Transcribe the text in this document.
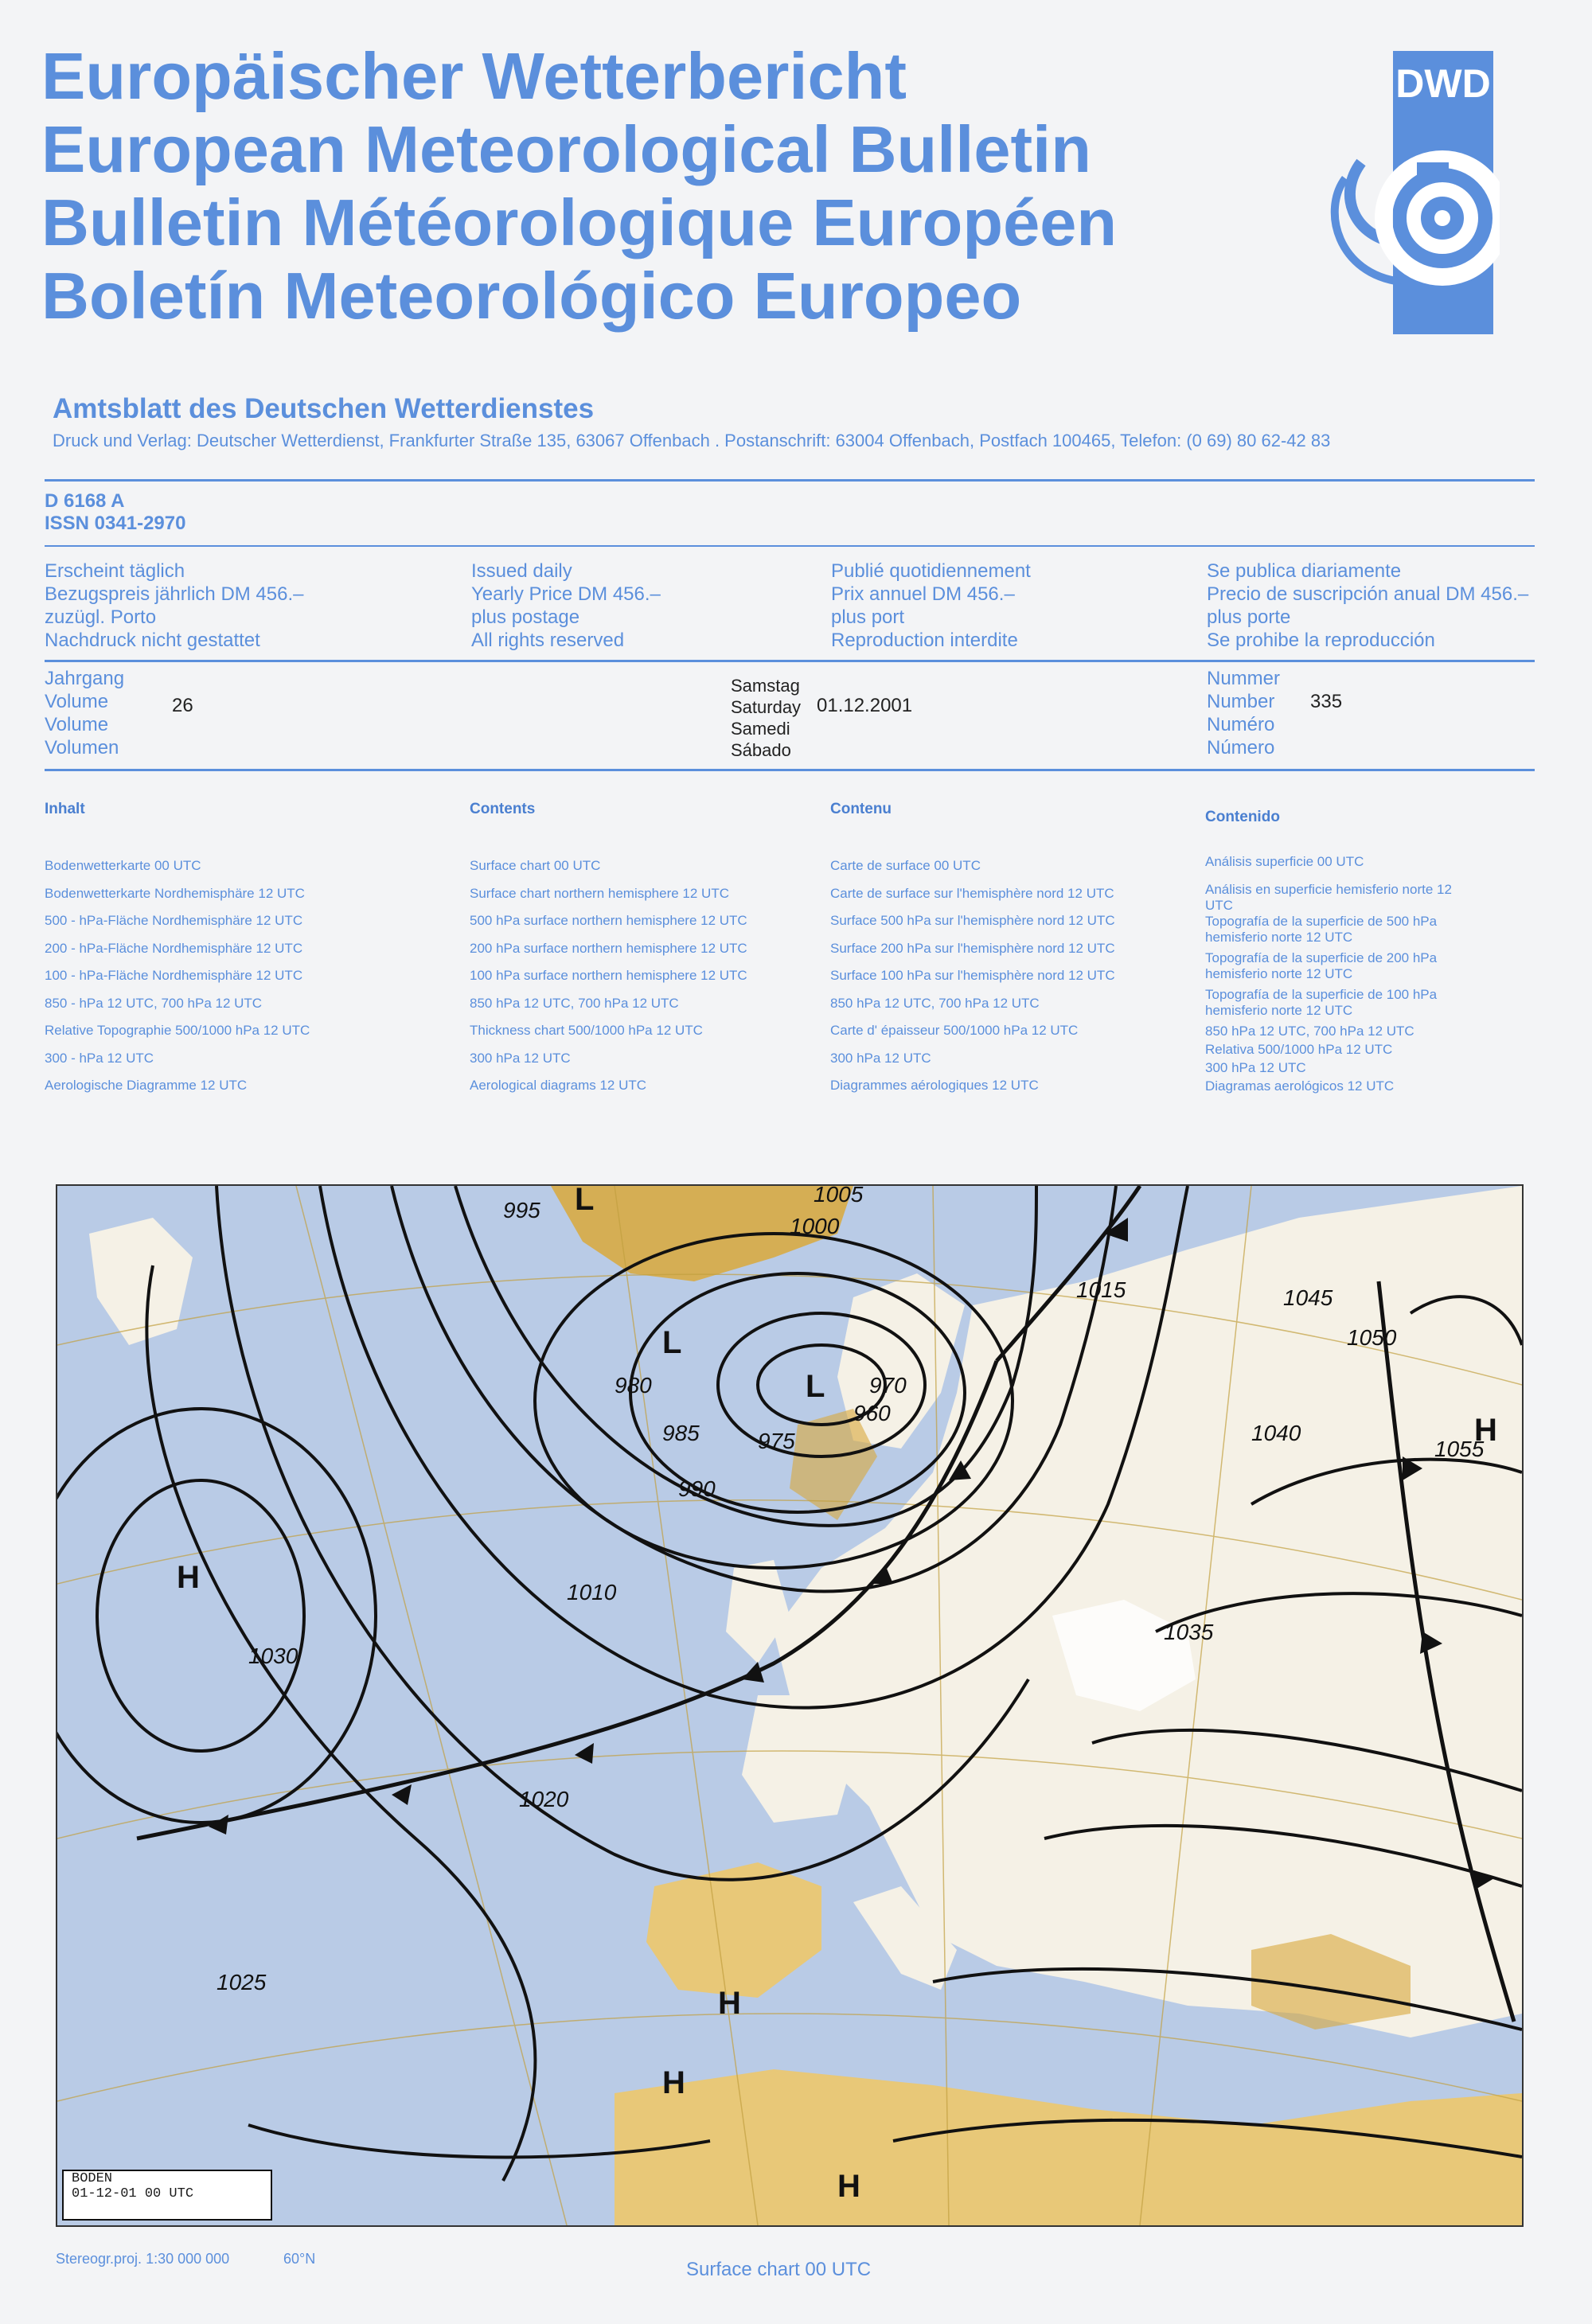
Europäischer Wetterbericht
European Meteorological Bulletin
Bulletin Météorologique Européen
Boletín Meteorológico Europeo
DWD
Amtsblatt des Deutschen Wetterdienstes
Druck und Verlag: Deutscher Wetterdienst, Frankfurter Straße 135, 63067 Offenbach . Postanschrift: 63004 Offenbach, Postfach 100465, Telefon: (0 69) 80 62-42 83
D 6168 A
ISSN 0341-2970
Erscheint täglich
Bezugspreis jährlich DM 456.–
zuzügl. Porto
Nachdruck nicht gestattet
Issued daily
Yearly Price DM 456.–
plus postage
All rights reserved
Publié quotidiennement
Prix annuel DM 456.–
plus port
Reproduction interdite
Se publica diariamente
Precio de suscripción anual DM 456.–
plus porte
Se prohibe la reproducción
Jahrgang
Volume
Volume
Volumen
26
Samstag
Saturday
Samedi
Sábado
01.12.2001
Nummer
Number
Numéro
Número
335
Inhalt
Bodenwetterkarte 00 UTC
Bodenwetterkarte Nordhemisphäre 12 UTC
500 - hPa-Fläche Nordhemisphäre 12 UTC
200 - hPa-Fläche Nordhemisphäre 12 UTC
100 - hPa-Fläche Nordhemisphäre 12 UTC
850 - hPa 12 UTC, 700 hPa 12 UTC
Relative Topographie 500/1000 hPa 12 UTC
300 - hPa 12 UTC
Aerologische Diagramme 12 UTC
Contents
Surface chart 00 UTC
Surface chart northern hemisphere 12 UTC
500 hPa surface northern hemisphere 12 UTC
200 hPa surface northern hemisphere 12 UTC
100 hPa surface northern hemisphere 12 UTC
850 hPa 12 UTC, 700 hPa 12 UTC
Thickness chart 500/1000 hPa 12 UTC
300 hPa 12 UTC
Aerological diagrams 12 UTC
Contenu
Carte de surface 00 UTC
Carte de surface sur l'hemisphère nord 12 UTC
Surface 500 hPa sur l'hemisphère nord 12 UTC
Surface 200 hPa sur l'hemisphère nord 12 UTC
Surface 100 hPa sur l'hemisphère nord 12 UTC
850 hPa 12 UTC, 700 hPa 12 UTC
Carte d' épaisseur 500/1000 hPa 12 UTC
300 hPa 12 UTC
Diagrammes aérologiques 12 UTC
Contenido
Análisis superficie 00 UTC
Análisis en superficie hemisferio norte 12 UTC
Topografía de la superficie de 500 hPa hemisferio norte 12 UTC
Topografía de la superficie de 200 hPa hemisferio norte 12 UTC
Topografía de la superficie de 100 hPa hemisferio norte 12 UTC
850 hPa 12 UTC, 700 hPa 12 UTC
Relativa 500/1000 hPa 12 UTC
300 hPa 12 UTC
Diagramas aerológicos 12 UTC
995
1000
1005
1010
1015
1020
1025
1030
1035
1040
1045
1050
1055
975
980
985
990
970
960
L
L
L
H
H
H
H
H
BODEN
01-12-01 00 UTC
Stereogr.proj. 1:30 000 000	60°N	Surface chart 00 UTC
